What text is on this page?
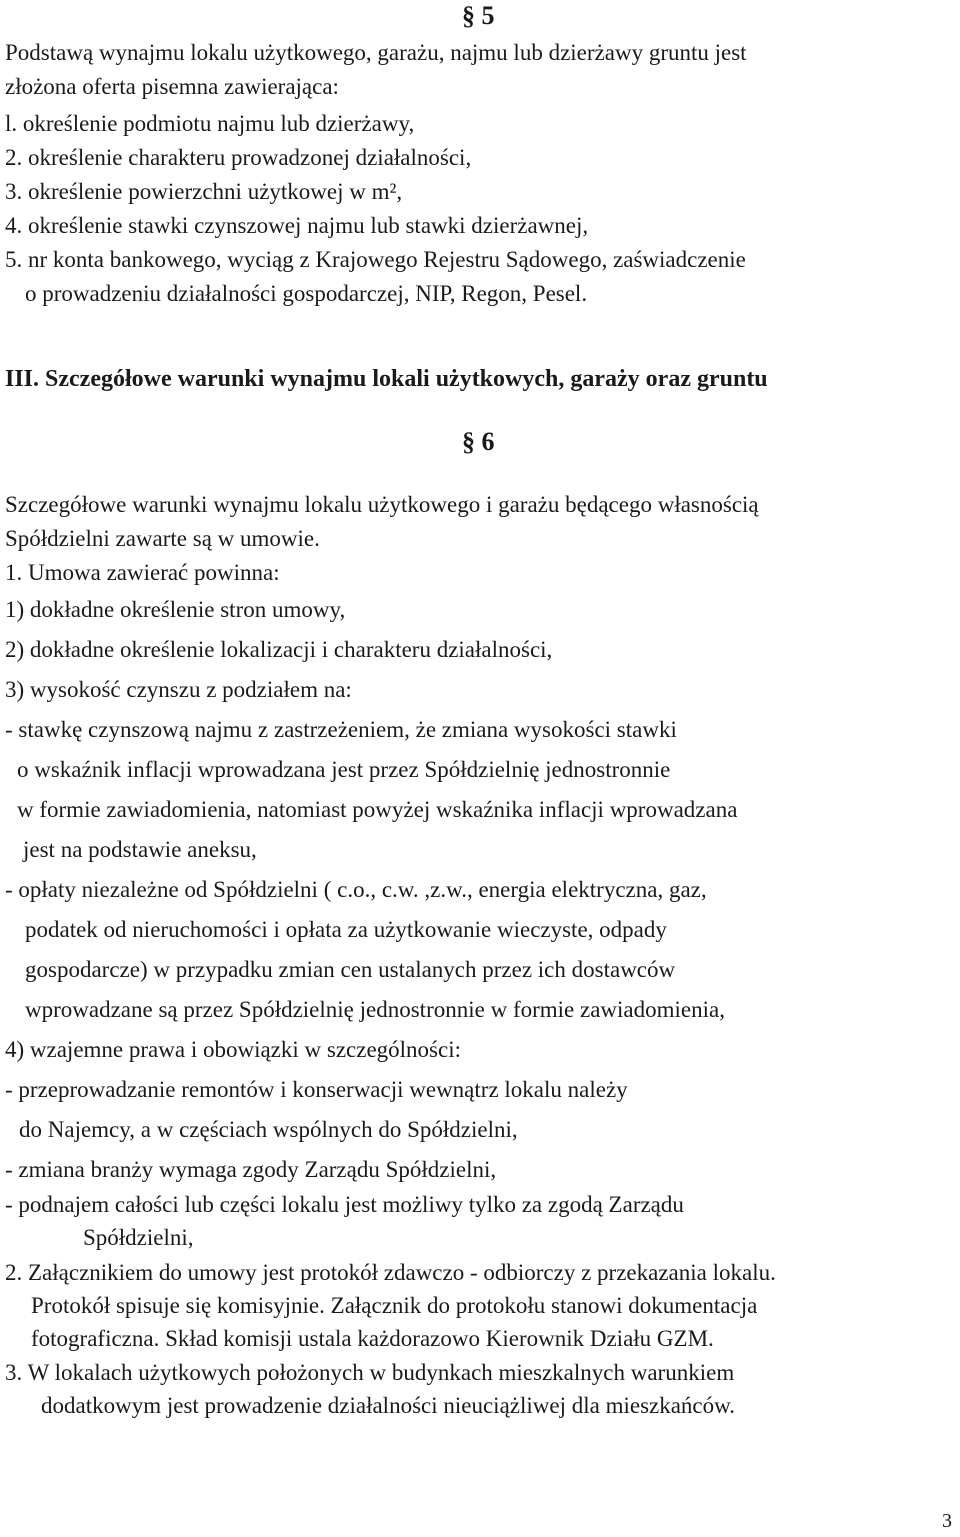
§ 5
Podstawą wynajmu lokalu użytkowego, garażu, najmu lub dzierżawy gruntu jest
złożona oferta pisemna zawierająca:
l. określenie podmiotu najmu lub dzierżawy,
2. określenie charakteru prowadzonej działalności,
3. określenie powierzchni użytkowej w m²,
4. określenie stawki czynszowej najmu lub stawki dzierżawnej,
5. nr konta bankowego, wyciąg z Krajowego Rejestru Sądowego, zaświadczenie
o prowadzeniu działalności gospodarczej, NIP, Regon, Pesel.
III. Szczegółowe warunki wynajmu lokali użytkowych, garaży oraz gruntu
§ 6
Szczegółowe warunki wynajmu lokalu użytkowego i garażu będącego własnością
Spółdzielni zawarte są w umowie.
1. Umowa zawierać powinna:
1) dokładne określenie stron umowy,
2) dokładne określenie lokalizacji i charakteru działalności,
3) wysokość czynszu z podziałem na:
- stawkę czynszową najmu z zastrzeżeniem, że zmiana wysokości stawki
o wskaźnik inflacji wprowadzana jest przez Spółdzielnię jednostronnie
w formie zawiadomienia, natomiast powyżej wskaźnika inflacji wprowadzana
jest na podstawie aneksu,
- opłaty niezależne od Spółdzielni ( c.o., c.w. ,z.w., energia elektryczna, gaz,
podatek od nieruchomości i opłata za użytkowanie wieczyste, odpady
gospodarcze) w przypadku zmian cen ustalanych przez ich dostawców
wprowadzane są przez Spółdzielnię jednostronnie w formie zawiadomienia,
4) wzajemne prawa i obowiązki w szczególności:
- przeprowadzanie remontów i konserwacji wewnątrz lokalu należy
do Najemcy, a w częściach wspólnych do Spółdzielni,
- zmiana branży wymaga zgody Zarządu Spółdzielni,
- podnajem całości lub części lokalu jest możliwy tylko za zgodą Zarządu
Spółdzielni,
2. Załącznikiem do umowy jest protokół zdawczo - odbiorczy z przekazania lokalu.
Protokół spisuje się komisyjnie. Załącznik do protokołu stanowi dokumentacja
fotograficzna. Skład komisji ustala każdorazowo Kierownik Działu GZM.
3. W lokalach użytkowych położonych w budynkach mieszkalnych warunkiem
dodatkowym jest prowadzenie działalności nieuciążliwej dla mieszkańców.
3
